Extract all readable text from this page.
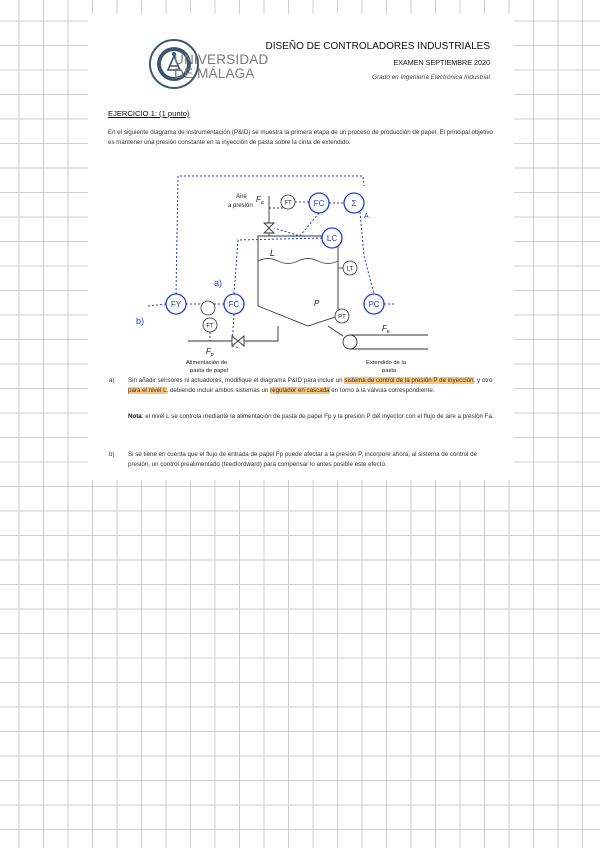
UNIVERSIDAD
DE MÁLAGA
DISEÑO DE CONTROLADORES INDUSTRIALES
EXAMEN SEPTIEMBRE 2020
Grado en Ingeniería Electrónica Industrial
EJERCICIO 1: (1 punto)
En el siguiente diagrama de instrumentación (P&ID) se muestra la primera etapa de un proceso de producción de papel. El principal objetivo es mantener una presión constante en la inyección de pasta sobre la cinta de extendido.
L
P
Aire
a presión
$F_a$	FT	FC	Σ
LC
FY	FC	PC
a)
b)
A
LT
PT
FT
$F_p$
Alimentación de
pasta de papel
$F_e$
Extendido de la
pasta
a) Sin añadir sensores ni actuadores, modifique el diagrama P&ID para incluir un sistema de control de la presión P de inyección, y otro para el nivel L, debiendo incluir ambos sistemas un regulador en cascada en torno a la válvula correspondiente.
Nota: el nivel L se controla mediante la alimentación de pasta de papel Fp y la presión P del inyector con el flujo de aire a presión Fa.
b) Si se tiene en cuenta que el flujo de entrada de papel Fp puede afectar a la presión P, incorpore ahora, al sistema de control de presión, un control prealimentado (feedfordward) para compensar lo antes posible este efecto.
